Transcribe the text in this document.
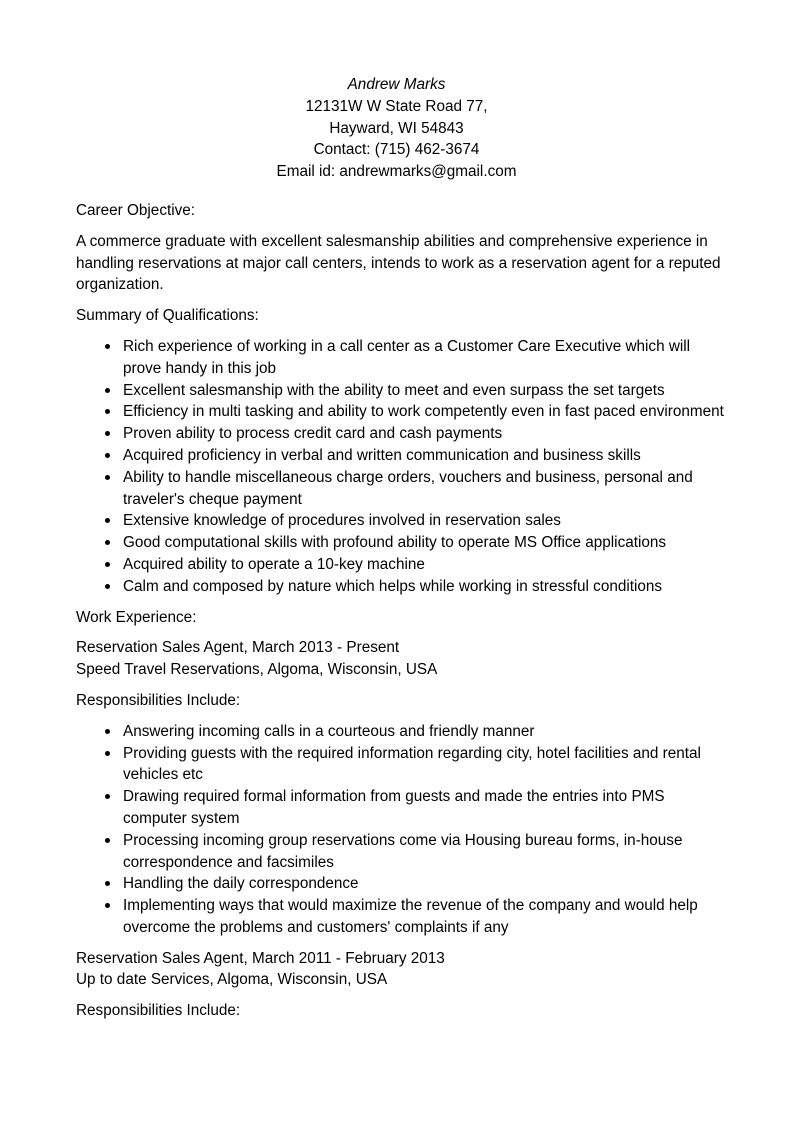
Andrew Marks
12131W W State Road 77,
Hayward, WI 54843
Contact: (715) 462-3674
Email id: andrewmarks@gmail.com
Career Objective:
A commerce graduate with excellent salesmanship abilities and comprehensive experience in handling reservations at major call centers, intends to work as a reservation agent for a reputed organization.
Summary of Qualifications:
Rich experience of working in a call center as a Customer Care Executive which will prove handy in this job
Excellent salesmanship with the ability to meet and even surpass the set targets
Efficiency in multi tasking and ability to work competently even in fast paced environment
Proven ability to process credit card and cash payments
Acquired proficiency in verbal and written communication and business skills
Ability to handle miscellaneous charge orders, vouchers and business, personal and traveler's cheque payment
Extensive knowledge of procedures involved in reservation sales
Good computational skills with profound ability to operate MS Office applications
Acquired ability to operate a 10-key machine
Calm and composed by nature which helps while working in stressful conditions
Work Experience:
Reservation Sales Agent, March 2013 - Present
Speed Travel Reservations, Algoma, Wisconsin, USA
Responsibilities Include:
Answering incoming calls in a courteous and friendly manner
Providing guests with the required information regarding city, hotel facilities and rental vehicles etc
Drawing required formal information from guests and made the entries into PMS computer system
Processing incoming group reservations come via Housing bureau forms, in-house correspondence and facsimiles
Handling the daily correspondence
Implementing ways that would maximize the revenue of the company and would help overcome the problems and customers' complaints if any
Reservation Sales Agent, March 2011 - February 2013
Up to date Services, Algoma, Wisconsin, USA
Responsibilities Include:
